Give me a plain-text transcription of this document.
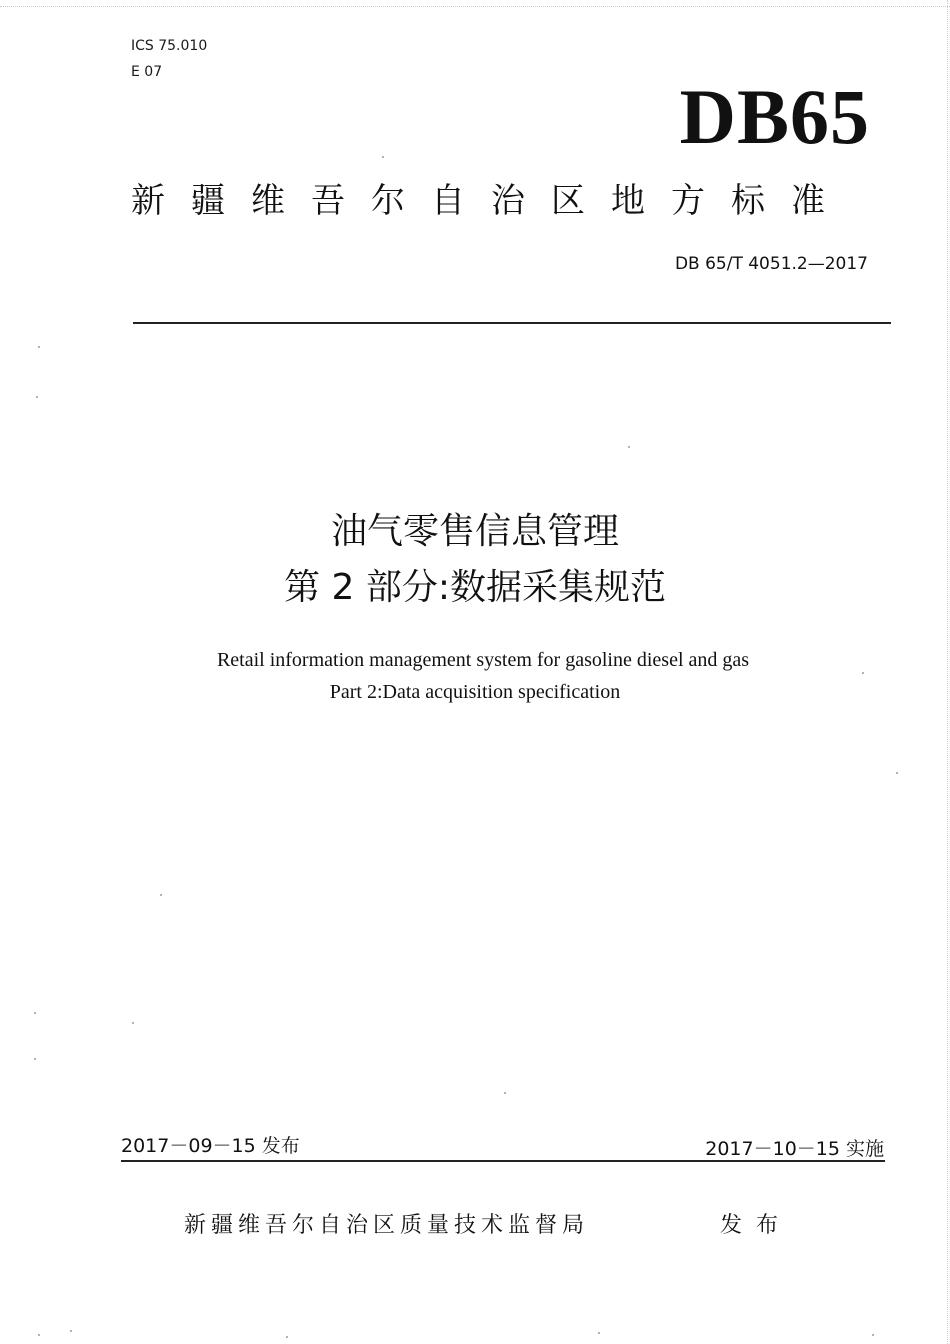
ICS 75.010
E 07
DB65
新疆维吾尔自治区地方标准
DB 65/T 4051.2—2017
油气零售信息管理
第 2 部分:数据采集规范
Retail information management system for gasoline diesel and gas
Part 2:Data acquisition specification
2017－09－15 发布	2017－10－15 实施
新疆维吾尔自治区质量技术监督局	发布
